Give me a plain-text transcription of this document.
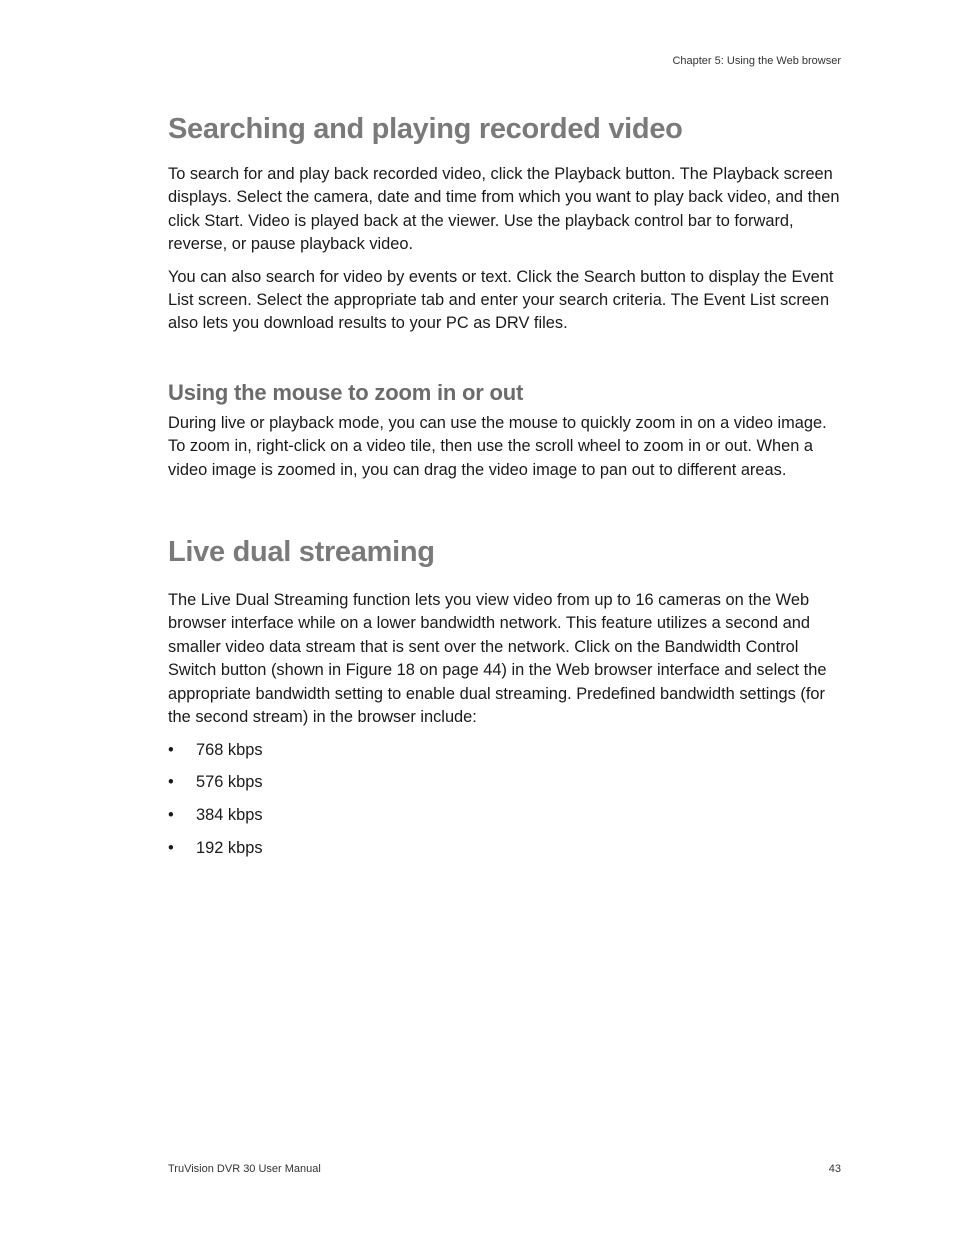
Chapter 5: Using the Web browser
Searching and playing recorded video

To search for and play back recorded video, click the Playback button. The Playback screen displays. Select the camera, date and time from which you want to play back video, and then click Start. Video is played back at the viewer. Use the playback control bar to forward, reverse, or pause playback video.

You can also search for video by events or text. Click the Search button to display the Event List screen. Select the appropriate tab and enter your search criteria. The Event List screen also lets you download results to your PC as DRV files.

Using the mouse to zoom in or out

During live or playback mode, you can use the mouse to quickly zoom in on a video image. To zoom in, right-click on a video tile, then use the scroll wheel to zoom in or out. When a video image is zoomed in, you can drag the video image to pan out to different areas.

Live dual streaming

The Live Dual Streaming function lets you view video from up to 16 cameras on the Web browser interface while on a lower bandwidth network. This feature utilizes a second and smaller video data stream that is sent over the network. Click on the Bandwidth Control Switch button (shown in Figure 18 on page 44) in the Web browser interface and select the appropriate bandwidth setting to enable dual streaming. Predefined bandwidth settings (for the second stream) in the browser include:

• 768 kbps
• 576 kbps
• 384 kbps
• 192 kbps
TruVision DVR 30 User Manual	43
